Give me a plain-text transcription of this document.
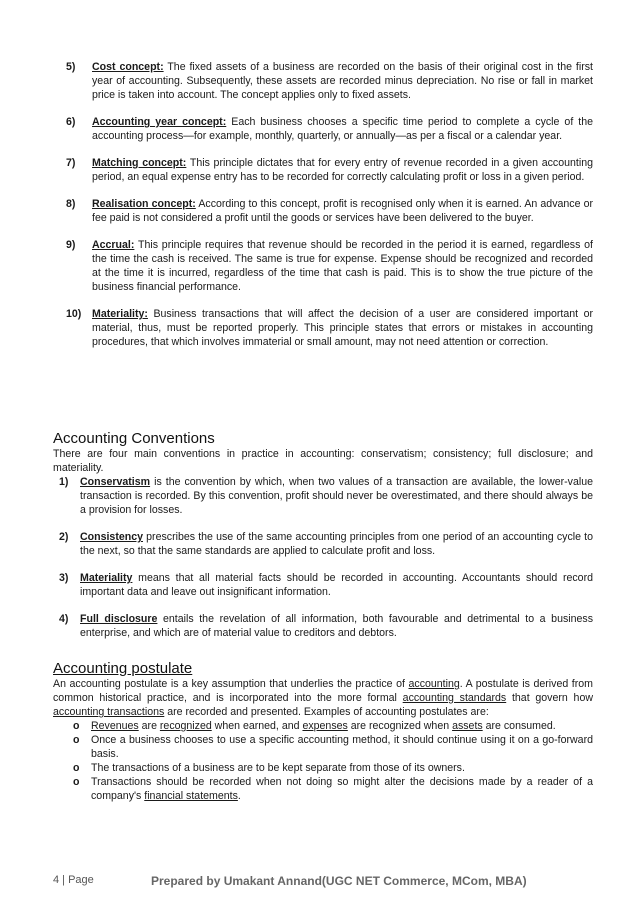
5)	Cost concept: The fixed assets of a business are recorded on the basis of their original cost in the first year of accounting. Subsequently, these assets are recorded minus depreciation. No rise or fall in market price is taken into account. The concept applies only to fixed assets.
6)	Accounting year concept: Each business chooses a specific time period to complete a cycle of the accounting process—for example, monthly, quarterly, or annually—as per a fiscal or a calendar year.
7)	Matching concept: This principle dictates that for every entry of revenue recorded in a given accounting period, an equal expense entry has to be recorded for correctly calculating profit or loss in a given period.
8)	Realisation concept: According to this concept, profit is recognised only when it is earned. An advance or fee paid is not considered a profit until the goods or services have been delivered to the buyer.
9)	Accrual: This principle requires that revenue should be recorded in the period it is earned, regardless of the time the cash is received. The same is true for expense. Expense should be recognized and recorded at the time it is incurred, regardless of the time that cash is paid. This is to show the true picture of the business financial performance.
10)	Materiality: Business transactions that will affect the decision of a user are considered important or material, thus, must be reported properly. This principle states that errors or mistakes in accounting procedures, that which involves immaterial or small amount, may not need attention or correction.
Accounting Conventions
There are four main conventions in practice in accounting: conservatism; consistency; full disclosure; and materiality.
1)	Conservatism is the convention by which, when two values of a transaction are available, the lower-value transaction is recorded. By this convention, profit should never be overestimated, and there should always be a provision for losses.
2)	Consistency prescribes the use of the same accounting principles from one period of an accounting cycle to the next, so that the same standards are applied to calculate profit and loss.
3)	Materiality means that all material facts should be recorded in accounting. Accountants should record important data and leave out insignificant information.
4)	Full disclosure entails the revelation of all information, both favourable and detrimental to a business enterprise, and which are of material value to creditors and debtors.
Accounting postulate
An accounting postulate is a key assumption that underlies the practice of accounting. A postulate is derived from common historical practice, and is incorporated into the more formal accounting standards that govern how accounting transactions are recorded and presented. Examples of accounting postulates are:
o	Revenues are recognized when earned, and expenses are recognized when assets are consumed.
o	Once a business chooses to use a specific accounting method, it should continue using it on a go-forward basis.
o	The transactions of a business are to be kept separate from those of its owners.
o	Transactions should be recorded when not doing so might alter the decisions made by a reader of a company's financial statements.
4 | Page	Prepared by Umakant Annand(UGC NET Commerce, MCom, MBA)
